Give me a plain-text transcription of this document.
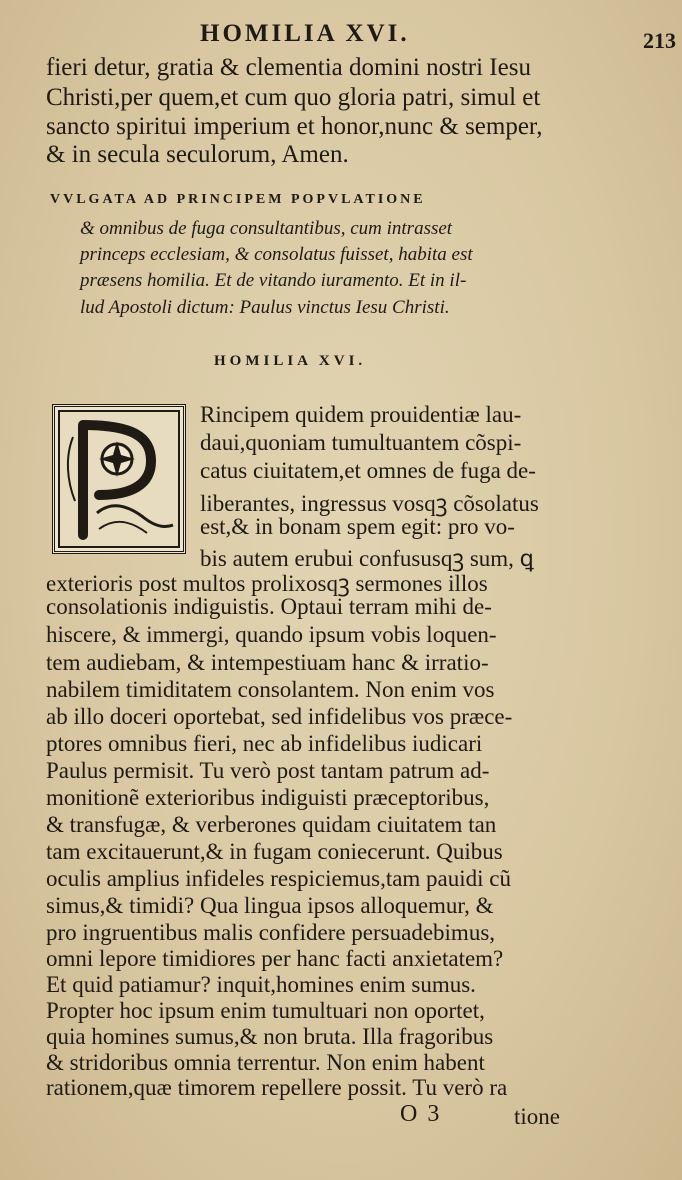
HOMILIA XVI.	213
fieri detur, gratia & clementia domini nostri Iesu
Christi,per quem,et cum quo gloria patri, simul et
sancto spiritui imperium et honor,nunc & semper,
& in secula seculorum, Amen.
VVLGATA AD PRINCIPEM POPVLATIONE
& omnibus de fuga consultantibus, cum intrasset
princeps ecclesiam, & consolatus fuisset, habita est
præsens homilia. Et de vitando iuramento. Et in il-
lud Apostoli dictum: Paulus vinctus Iesu Christi.
HOMILIA XVI.
Rincipem quidem prouidentiæ lau-
daui,quoniam tumultuantem cõspi-
catus ciuitatem,et omnes de fuga de-
liberantes, ingressus vosqꝫ cõsolatus
est,& in bonam spem egit: pro vo-
bis autem erubui confususqꝫ sum, ꝗ
exterioris post multos prolixosqꝫ sermones illos
consolationis indiguistis. Optaui terram mihi de-
hiscere, & immergi, quando ipsum vobis loquen-
tem audiebam, & intempestiuam hanc & irratio-
nabilem timiditatem consolantem. Non enim vos
ab illo doceri oportebat, sed infidelibus vos præce-
ptores omnibus fieri, nec ab infidelibus iudicari
Paulus permisit. Tu verò post tantam patrum ad-
monitionẽ exterioribus indiguisti præceptoribus,
& transfugæ, & verberones quidam ciuitatem tan
tam excitauerunt,& in fugam coniecerunt. Quibus
oculis amplius infideles respiciemus,tam pauidi cũ
simus,& timidi? Qua lingua ipsos alloquemur, &
pro ingruentibus malis confidere persuadebimus,
omni lepore timidiores per hanc facti anxietatem?
Et quid patiamur? inquit,homines enim sumus.
Propter hoc ipsum enim tumultuari non oportet,
quia homines sumus,& non bruta. Illa fragoribus
& stridoribus omnia terrentur. Non enim habent
rationem,quæ timorem repellere possit. Tu verò ra
O 3	tione
